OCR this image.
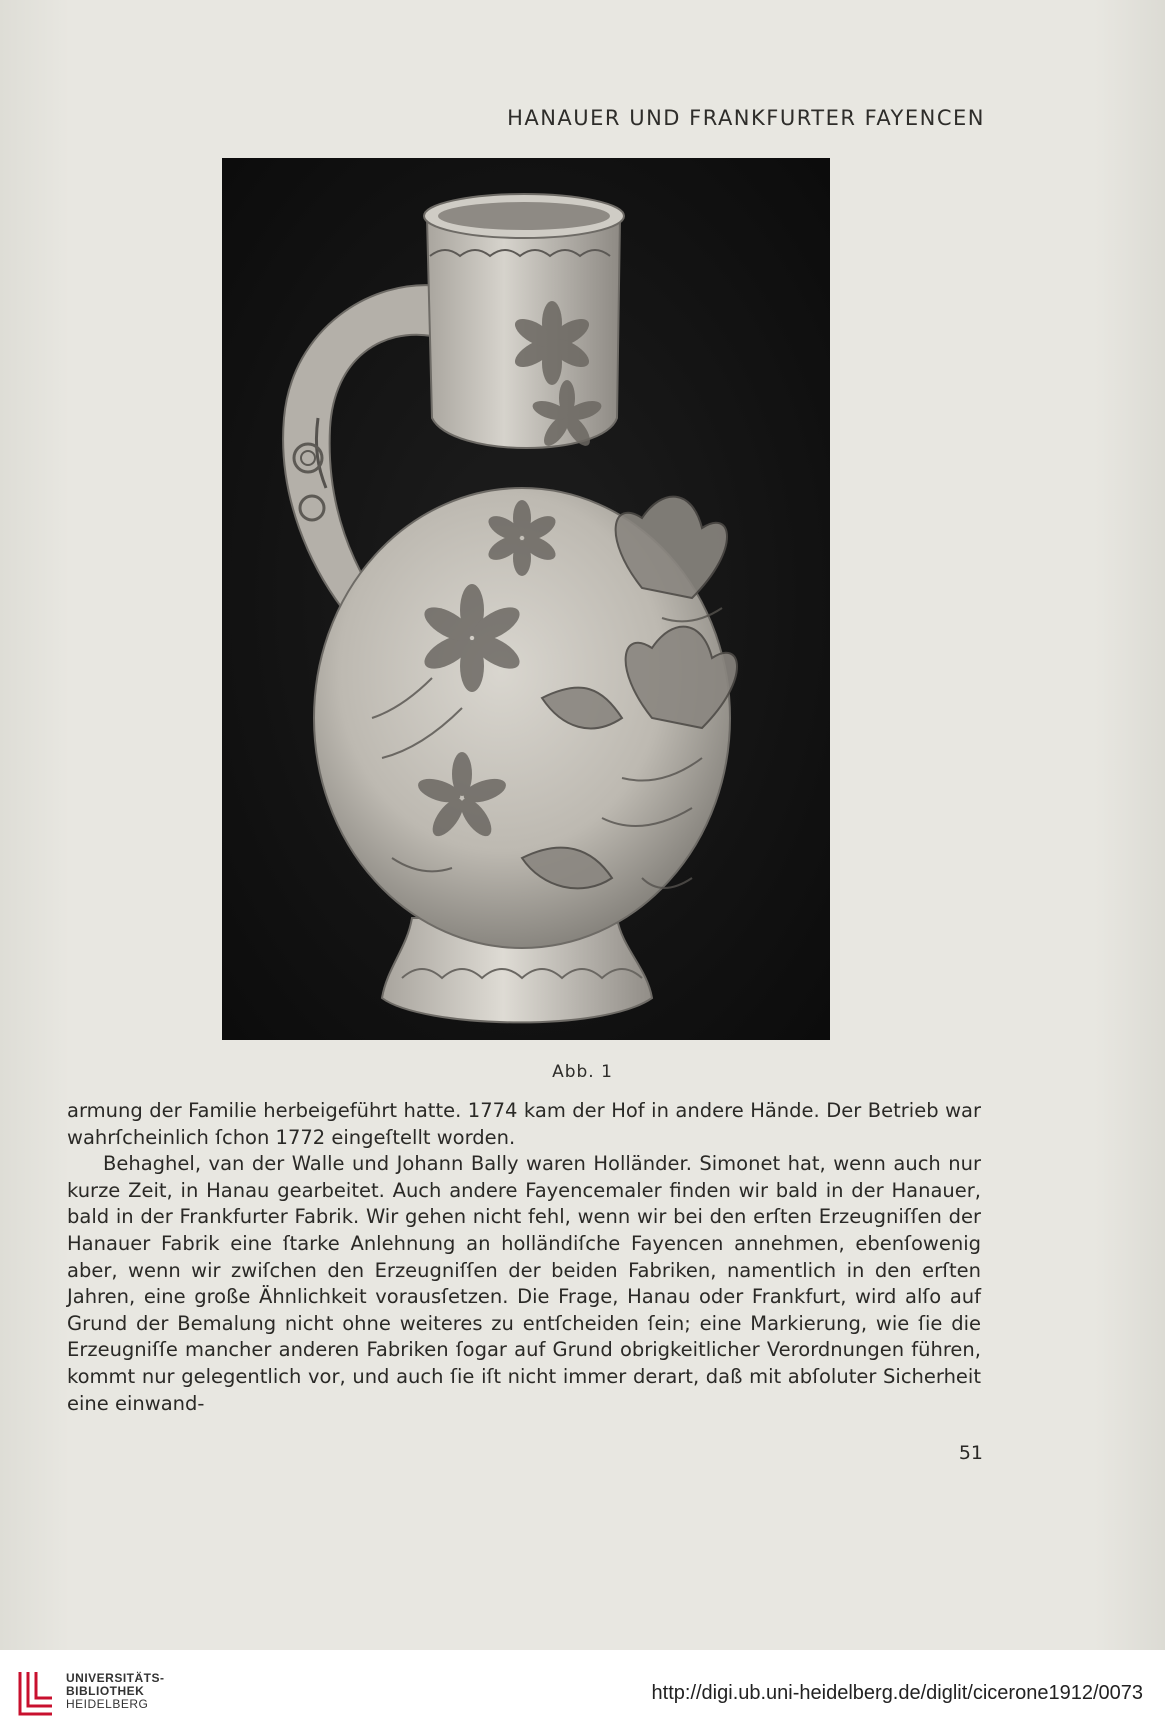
HANAUER UND FRANKFURTER FAYENCEN
Abb. 1

armung der Familie herbeigeführt hatte. 1774 kam der Hof in andere Hände. Der Betrieb war wahrſcheinlich ſchon 1772 eingeſtellt worden.

Behaghel, van der Walle und Johann Bally waren Holländer. Simonet hat, wenn auch nur kurze Zeit, in Hanau gearbeitet. Auch andere Fayencemaler finden wir bald in der Hanauer, bald in der Frankfurter Fabrik. Wir gehen nicht fehl, wenn wir bei den erſten Erzeugniſſen der Hanauer Fabrik eine ſtarke Anlehnung an holländiſche Fayencen annehmen, ebenſowenig aber, wenn wir zwiſchen den Erzeugniſſen der beiden Fabriken, namentlich in den erſten Jahren, eine große Ähnlichkeit vorausſetzen. Die Frage, Hanau oder Frankfurt, wird alſo auf Grund der Bemalung nicht ohne weiteres zu entſcheiden ſein; eine Markierung, wie ſie die Erzeugniſſe mancher anderen Fabriken ſogar auf Grund obrigkeitlicher Verordnungen führen, kommt nur gelegentlich vor, und auch ſie iſt nicht immer derart, daß mit abſoluter Sicherheit eine einwand-

51
UNIVERSITÄTS-
BIBLIOTHEK
HEIDELBERG	http://digi.ub.uni-heidelberg.de/diglit/cicerone1912/0073
